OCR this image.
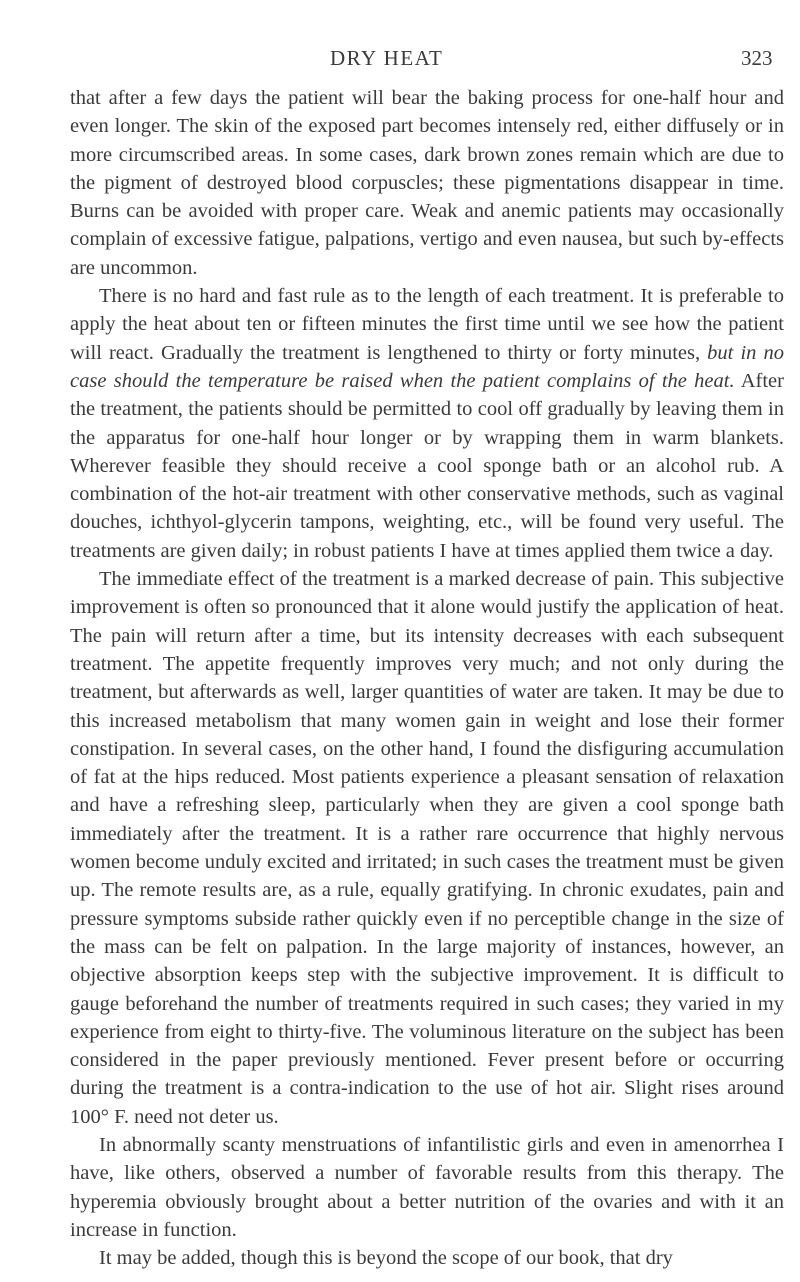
DRY HEAT	323

that after a few days the patient will bear the baking process for one-half hour and even longer. The skin of the exposed part becomes intensely red, either diffusely or in more circumscribed areas. In some cases, dark brown zones remain which are due to the pigment of destroyed blood corpuscles; these pigmentations disappear in time. Burns can be avoided with proper care. Weak and anemic patients may occasionally complain of excessive fatigue, palpations, vertigo and even nausea, but such by-effects are uncommon.

There is no hard and fast rule as to the length of each treatment. It is preferable to apply the heat about ten or fifteen minutes the first time until we see how the patient will react. Gradually the treatment is lengthened to thirty or forty minutes, but in no case should the temperature be raised when the patient complains of the heat. After the treatment, the patients should be permitted to cool off gradually by leaving them in the apparatus for one-half hour longer or by wrapping them in warm blankets. Wherever feasible they should receive a cool sponge bath or an alcohol rub. A combination of the hot-air treatment with other conservative methods, such as vaginal douches, ichthyol-glycerin tampons, weighting, etc., will be found very useful. The treatments are given daily; in robust patients I have at times applied them twice a day.

The immediate effect of the treatment is a marked decrease of pain. This subjective improvement is often so pronounced that it alone would justify the application of heat. The pain will return after a time, but its intensity decreases with each subsequent treatment. The appetite frequently improves very much; and not only during the treatment, but afterwards as well, larger quantities of water are taken. It may be due to this increased metabolism that many women gain in weight and lose their former constipation. In several cases, on the other hand, I found the disfiguring accumulation of fat at the hips reduced. Most patients experience a pleasant sensation of relaxation and have a refreshing sleep, particularly when they are given a cool sponge bath immediately after the treatment. It is a rather rare occurrence that highly nervous women become unduly excited and irritated; in such cases the treatment must be given up. The remote results are, as a rule, equally gratifying. In chronic exudates, pain and pressure symptoms subside rather quickly even if no perceptible change in the size of the mass can be felt on palpation. In the large majority of instances, however, an objective absorption keeps step with the subjective improvement. It is difficult to gauge beforehand the number of treatments required in such cases; they varied in my experience from eight to thirty-five. The voluminous literature on the subject has been considered in the paper previously mentioned. Fever present before or occurring during the treatment is a contra-indication to the use of hot air. Slight rises around 100° F. need not deter us.

In abnormally scanty menstruations of infantilistic girls and even in amenorrhea I have, like others, observed a number of favorable results from this therapy. The hyperemia obviously brought about a better nutrition of the ovaries and with it an increase in function.

It may be added, though this is beyond the scope of our book, that dry
